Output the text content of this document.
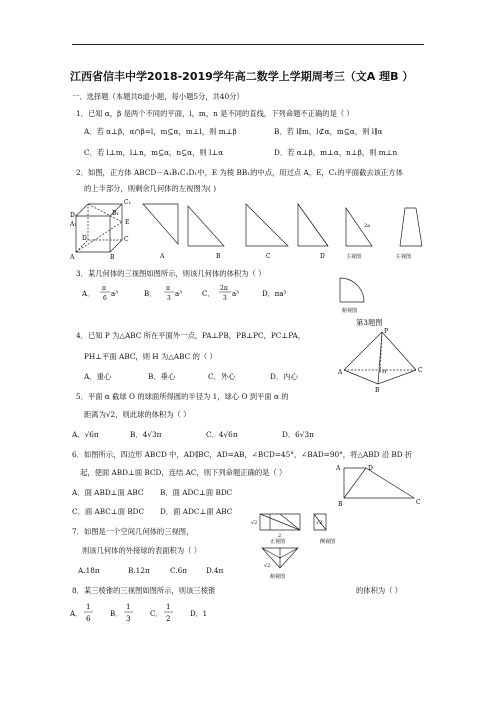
江西省信丰中学2018-2019学年高二数学上学期周考三（文A 理B ）
一、选择题（本题共8道小题，每小题5分，共40分）
1．已知 α，β 是两个不同的平面，l，m，n 是不同的直线，下列命题不正确的是（ ）
A．若 α⊥β，α∩β=l，m⊆α，m⊥l，则 m⊥β	B．若 l∥m，l⊄α，m⊆α，则 l∥α
C．若 l⊥m，l⊥n，m⊆α，n⊆α，则 l⊥α	D．若 α⊥β，m⊥α，n⊥β，则 m⊥n
2．如图，正方体 ABCD－A₁B₁C₁D₁中，E 为棱 BB₁的中点，用过点 A，E，C₁的平面截去该正方体
的上半部分，则剩余几何体的左视图为( )
D₁
C₁
A₁
B₁
E
D	C
A	B	A	B	C	D
2a
主视图	左视图
3．某几何体的三视图如图所示，则该几何体的体积为（ ）
A．
π
6
a³	B．
π
3
a³	C．
2π
3
a³	D．πa³
俯视图
第3题图
4．已知 P 为△ABC 所在平面外一点，PA⊥PB，PB⊥PC，PC⊥PA，
PH⊥平面 ABC，则 H 为△ABC 的（ ）
A．重心	B．垂心	C．外心	D．内心
P
A
B
C
H
5．平面 α 截球 O 的球面所得圆的半径为 1，球心 O 到平面 α 的
距离为√2，则此球的体积为（ ）
A．√6π	B．4√3π	C．4√6π	D．6√3π
6．如图所示，四边形 ABCD 中，AD∥BC，AD=AB，∠BCD=45°，∠BAD=90°，将△ABD 沿 BD 折
起，使面 ABD⊥面 BCD，连结 AC，则下列命题正确的是（ ）
A．面 ABD⊥面 ABC B．面 ADC⊥面 BDC
C．面 ABC⊥面 BDC D．面 ADC⊥面 ABC
A	D
B	C
7．如图是一个空间几何体的三视图，
则该几何体的外接球的表面积为（ ）
A.18π	B.12π	C.6π	D.4π
√2	√2
2
正视图	侧视图
√2
俯视图
8．某三棱锥的三视图如图所示，则该三棱锥	的体积为（ ）
A．
1
6
B．
1
3
C．
1
2
D．1
